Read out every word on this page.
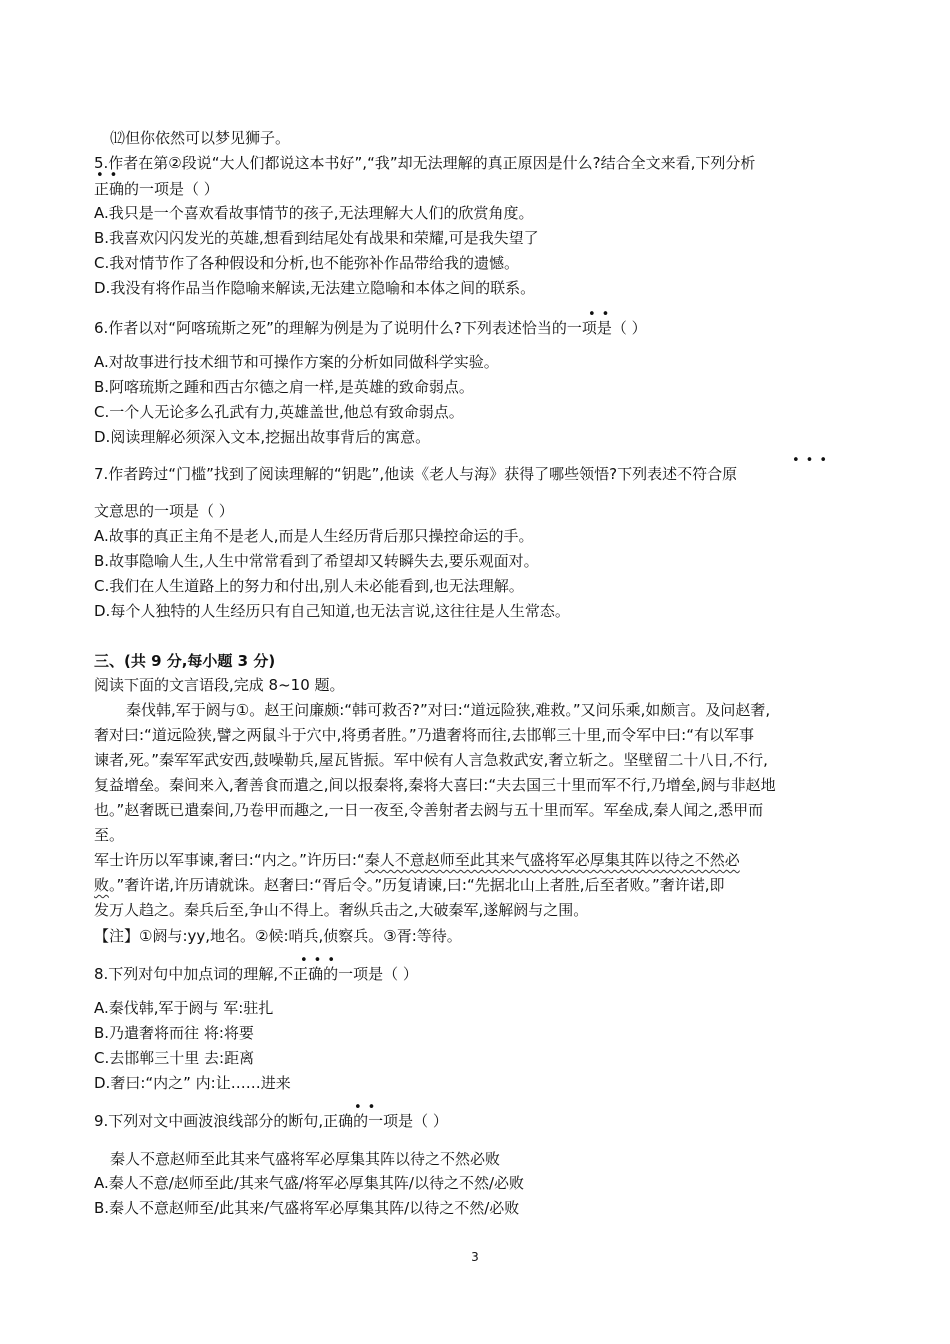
⑿但你依然可以梦见狮子。
5.作者在第②段说“大人们都说这本书好”,“我”却无法理解的真正原因是什么?结合全文来看,下列分析
••
正确的一项是（ ）
A.我只是一个喜欢看故事情节的孩子,无法理解大人们的欣赏角度。
B.我喜欢闪闪发光的英雄,想看到结尾处有战果和荣耀,可是我失望了
C.我对情节作了各种假设和分析,也不能弥补作品带给我的遗憾。
D.我没有将作品当作隐喻来解读,无法建立隐喻和本体之间的联系。
••
6.作者以对“阿喀琉斯之死”的理解为例是为了说明什么?下列表述恰当的一项是（ ）
A.对故事进行技术细节和可操作方案的分析如同做科学实验。
B.阿喀琉斯之踵和西古尔德之肩一样,是英雄的致命弱点。
C.一个人无论多么孔武有力,英雄盖世,他总有致命弱点。
D.阅读理解必须深入文本,挖掘出故事背后的寓意。
•••
7.作者跨过“门槛”找到了阅读理解的“钥匙”,他读《老人与海》获得了哪些领悟?下列表述不符合原
文意思的一项是（ ）
A.故事的真正主角不是老人,而是人生经历背后那只操控命运的手。
B.故事隐喻人生,人生中常常看到了希望却又转瞬失去,要乐观面对。
C.我们在人生道路上的努力和付出,别人未必能看到,也无法理解。
D.每个人独特的人生经历只有自己知道,也无法言说,这往往是人生常态。
三、(共 9 分,每小题 3 分)
阅读下面的文言语段,完成 8~10 题。
秦伐韩,军于阏与①。赵王问廉颇:“韩可救否?”对曰:“道远险狭,难救。”又问乐乘,如颇言。及问赵奢,
奢对曰:“道远险狭,譬之两鼠斗于穴中,将勇者胜。”乃遣奢将而往,去邯郸三十里,而令军中曰:“有以军事
谏者,死。”秦军军武安西,鼓噪勒兵,屋瓦皆振。军中候有人言急救武安,奢立斩之。坚壁留二十八日,不行,
复益增垒。秦间来入,奢善食而遣之,间以报秦将,秦将大喜曰:“夫去国三十里而军不行,乃增垒,阏与非赵地
也。”赵奢既已遣秦间,乃卷甲而趣之,一日一夜至,令善射者去阏与五十里而军。军垒成,秦人闻之,悉甲而
至。
军士许历以军事谏,奢曰:“内之。”许历曰:“秦人不意赵师至此其来气盛将军必厚集其阵以待之不然必
败。”奢许诺,许历请就诛。赵奢曰:“胥后令。”历复请谏,曰:“先据北山上者胜,后至者败。”奢许诺,即
发万人趋之。秦兵后至,争山不得上。奢纵兵击之,大破秦军,遂解阏与之围。
【注】①阏与:yy,地名。②候:哨兵,侦察兵。③胥:等待。
•••
8.下列对句中加点词的理解,不正确的一项是（ ）
A.秦伐韩,军于阏与 军:驻扎
B.乃遣奢将而往 将:将要
C.去邯郸三十里 去:距离
D.奢曰:“内之” 内:让……进来
••
9.下列对文中画波浪线部分的断句,正确的一项是（ ）
秦人不意赵师至此其来气盛将军必厚集其阵以待之不然必败
A.秦人不意/赵师至此/其来气盛/将军必厚集其阵/以待之不然/必败
B.秦人不意赵师至/此其来/气盛将军必厚集其阵/以待之不然/必败
3
